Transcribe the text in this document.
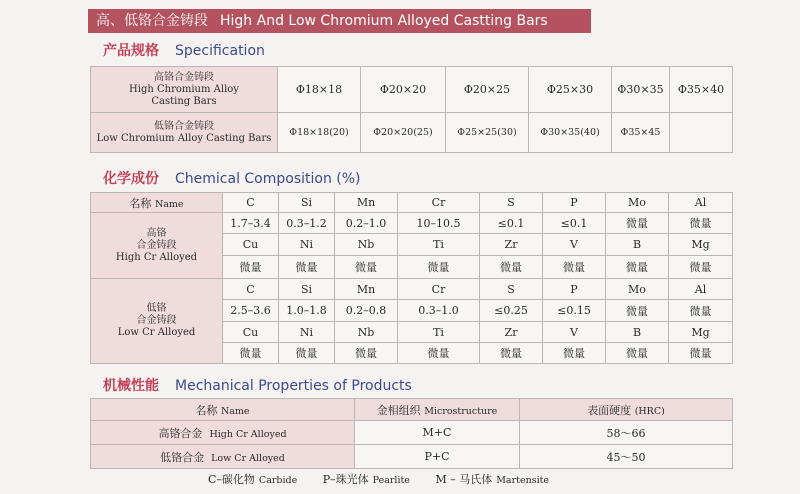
高、低铬合金铸段 High And Low Chromium Alloyed Castting Bars
产品规格 Specification
高铬合金铸段
High Chromium Alloy Casting Bars	Φ18×18	Φ20×20	Φ20×25	Φ25×30	Φ30×35	Φ35×40

低铬合金铸段
Low Chromium Alloy Casting Bars	Φ18×18(20)	Φ20×20(25)	Φ25×25(30)	Φ30×35(40)	Φ35×45	
化学成份 Chemical Composition (%)
名称 Name	C	Si	Mn	Cr	S	P	Mo	Al

高铬
合金铸段
High Cr Alloyed	1.7–3.4	0.3–1.2	0.2–1.0	10–10.5	≤0.1	≤0.1	微量	微量
	Cu	Ni	Nb	Ti	Zr	V	B	Mg
	微量	微量	微量	微量	微量	微量	微量	微量

低铬
合金铸段
Low Cr Alloyed	C	Si	Mn	Cr	S	P	Mo	Al
	2.5–3.6	1.0–1.8	0.2–0.8	0.3–1.0	≤0.25	≤0.15	微量	微量
	Cu	Ni	Nb	Ti	Zr	V	B	Mg
	微量	微量	微量	微量	微量	微量	微量	微量
机械性能 Mechanical Properties of Products
名称 Name	金相组织 Microstructure	表面硬度 (HRC)
高铬合金 High Cr Alloyed	M+C	58～66
低铬合金 Low Cr Alloyed	P+C	45～50
C–碳化物 Carbide P–珠光体 Pearlite M – 马氏体 Martensite
